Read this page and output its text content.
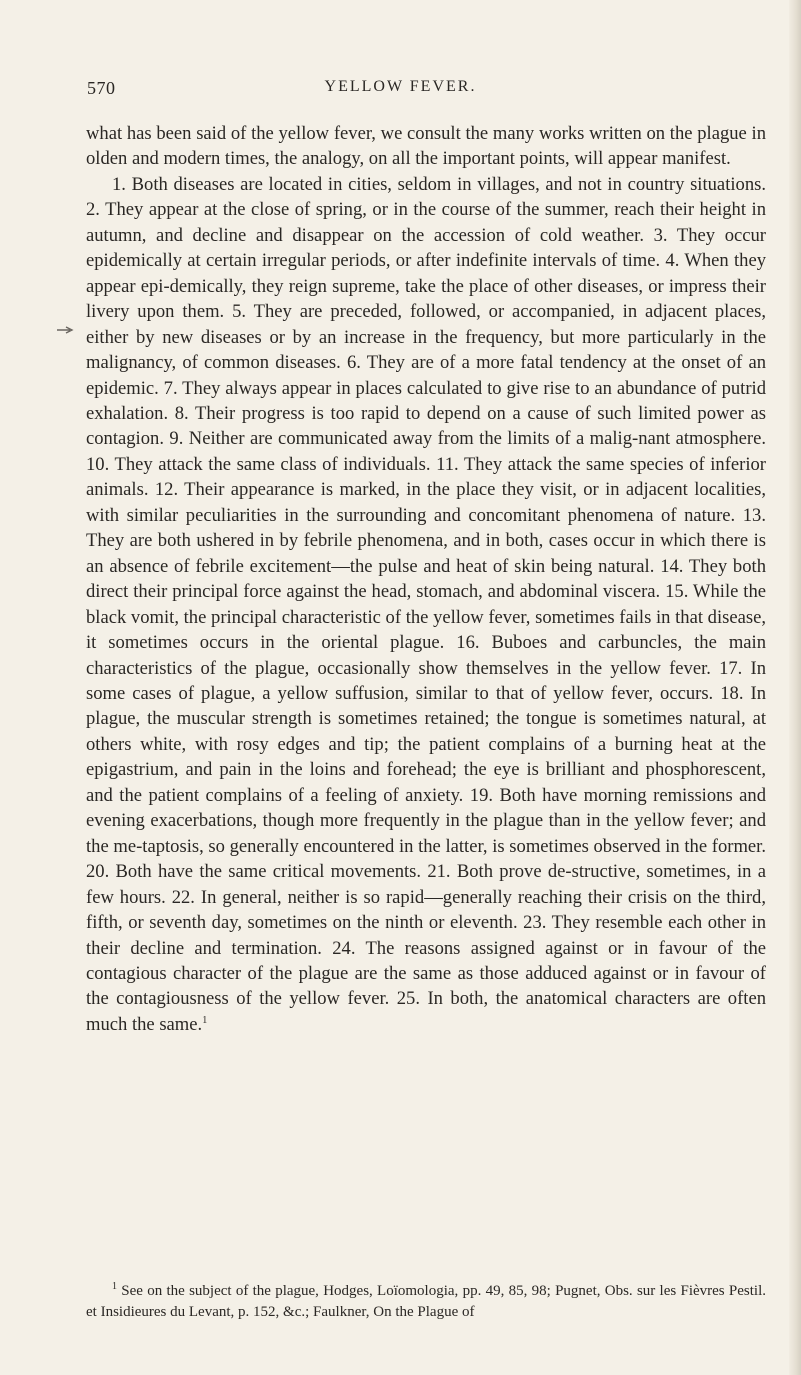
570	YELLOW FEVER.

what has been said of the yellow fever, we consult the many works written on the plague in olden and modern times, the analogy, on all the important points, will appear manifest.

1. Both diseases are located in cities, seldom in villages, and not in country situations. 2. They appear at the close of spring, or in the course of the summer, reach their height in autumn, and decline and disappear on the accession of cold weather. 3. They occur epidemically at certain irregular periods, or after indefinite intervals of time. 4. When they appear epi-demically, they reign supreme, take the place of other diseases, or impress their livery upon them. 5. They are preceded, followed, or accompanied, in adjacent places, either by new diseases or by an increase in the frequency, but more particularly in the malignancy, of common diseases. 6. They are of a more fatal tendency at the onset of an epidemic. 7. They always appear in places calculated to give rise to an abundance of putrid exhalation. 8. Their progress is too rapid to depend on a cause of such limited power as contagion. 9. Neither are communicated away from the limits of a malig-nant atmosphere. 10. They attack the same class of individuals. 11. They attack the same species of inferior animals. 12. Their appearance is marked, in the place they visit, or in adjacent localities, with similar peculiarities in the surrounding and concomitant phenomena of nature. 13. They are both ushered in by febrile phenomena, and in both, cases occur in which there is an absence of febrile excitement—the pulse and heat of skin being natural. 14. They both direct their principal force against the head, stomach, and abdominal viscera. 15. While the black vomit, the principal characteristic of the yellow fever, sometimes fails in that disease, it sometimes occurs in the oriental plague. 16. Buboes and carbuncles, the main characteristics of the plague, occasionally show themselves in the yellow fever. 17. In some cases of plague, a yellow suffusion, similar to that of yellow fever, occurs. 18. In plague, the muscular strength is sometimes retained; the tongue is sometimes natural, at others white, with rosy edges and tip; the patient complains of a burning heat at the epigastrium, and pain in the loins and forehead; the eye is brilliant and phosphorescent, and the patient complains of a feeling of anxiety. 19. Both have morning remissions and evening exacerbations, though more frequently in the plague than in the yellow fever; and the me-taptosis, so generally encountered in the latter, is sometimes observed in the former. 20. Both have the same critical movements. 21. Both prove de-structive, sometimes, in a few hours. 22. In general, neither is so rapid—generally reaching their crisis on the third, fifth, or seventh day, sometimes on the ninth or eleventh. 23. They resemble each other in their decline and termination. 24. The reasons assigned against or in favour of the contagious character of the plague are the same as those adduced against or in favour of the contagiousness of the yellow fever. 25. In both, the anatomical characters are often much the same.$^1$

$^1$ See on the subject of the plague, Hodges, Loïomologia, pp. 49, 85, 98; Pugnet, Obs. sur les Fièvres Pestil. et Insidieures du Levant, p. 152, &c.; Faulkner, On the Plague of
